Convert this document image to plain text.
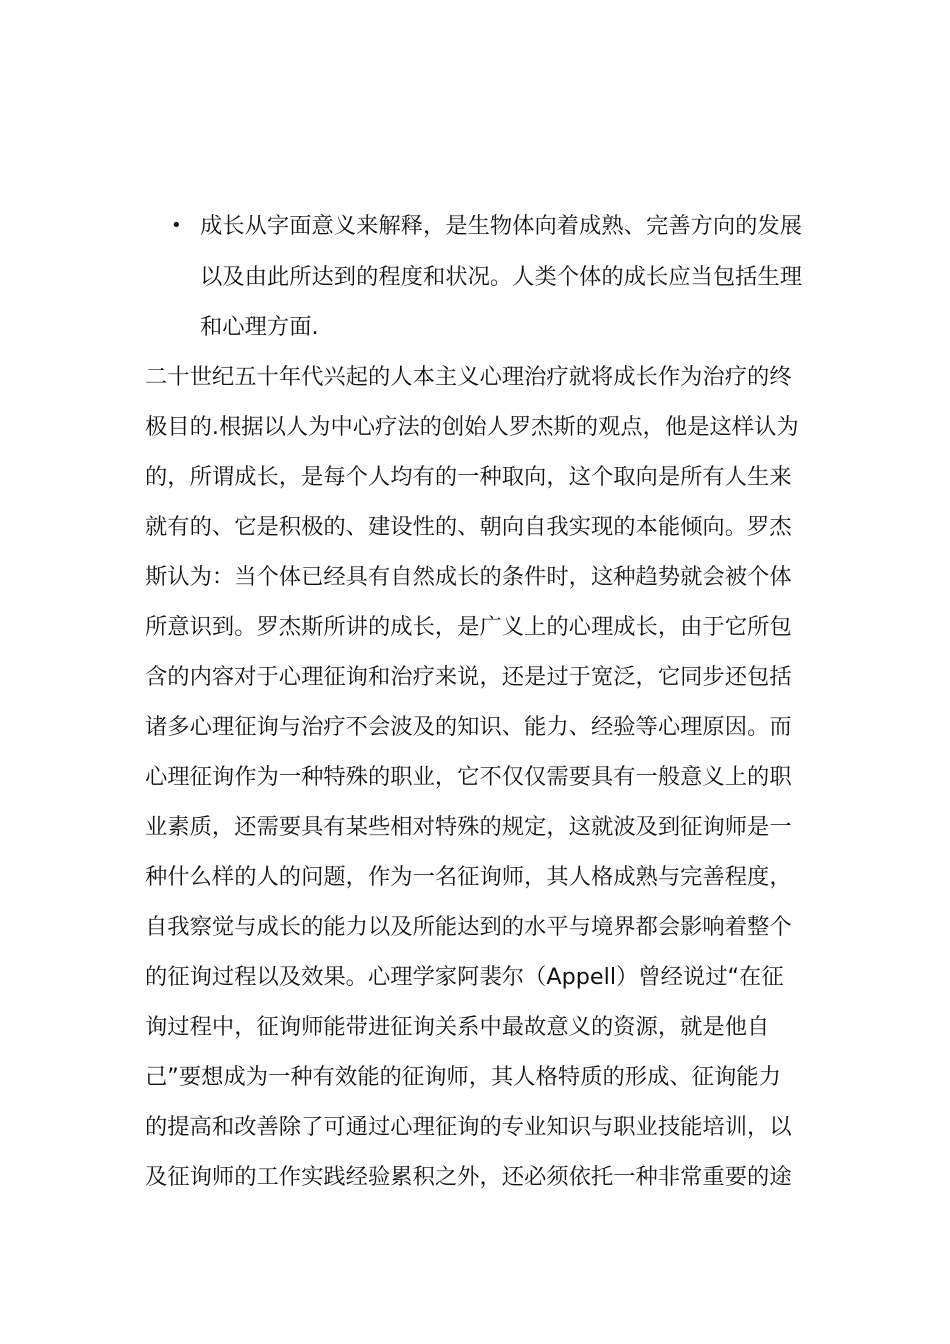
• 成长从字面意义来解释，是生物体向着成熟、完善方向的发展
以及由此所达到的程度和状况。人类个体的成长应当包括生理
和心理方面.
二十世纪五十年代兴起的人本主义心理治疗就将成长作为治疗的终
极目的.根据以人为中心疗法的创始人罗杰斯的观点，他是这样认为
的，所谓成长，是每个人均有的一种取向，这个取向是所有人生来
就有的、它是积极的、建设性的、朝向自我实现的本能倾向。罗杰
斯认为：当个体已经具有自然成长的条件时，这种趋势就会被个体
所意识到。罗杰斯所讲的成长，是广义上的心理成长，由于它所包
含的内容对于心理征询和治疗来说，还是过于宽泛，它同步还包括
诸多心理征询与治疗不会波及的知识、能力、经验等心理原因。而
心理征询作为一种特殊的职业，它不仅仅需要具有一般意义上的职
业素质，还需要具有某些相对特殊的规定，这就波及到征询师是一
种什么样的人的问题，作为一名征询师，其人格成熟与完善程度，
自我察觉与成长的能力以及所能达到的水平与境界都会影响着整个
的征询过程以及效果。心理学家阿裴尔（Appell）曾经说过“在征
询过程中，征询师能带进征询关系中最故意义的资源，就是他自
己”要想成为一种有效能的征询师，其人格特质的形成、征询能力
的提高和改善除了可通过心理征询的专业知识与职业技能培训，以
及征询师的工作实践经验累积之外，还必须依托一种非常重要的途
